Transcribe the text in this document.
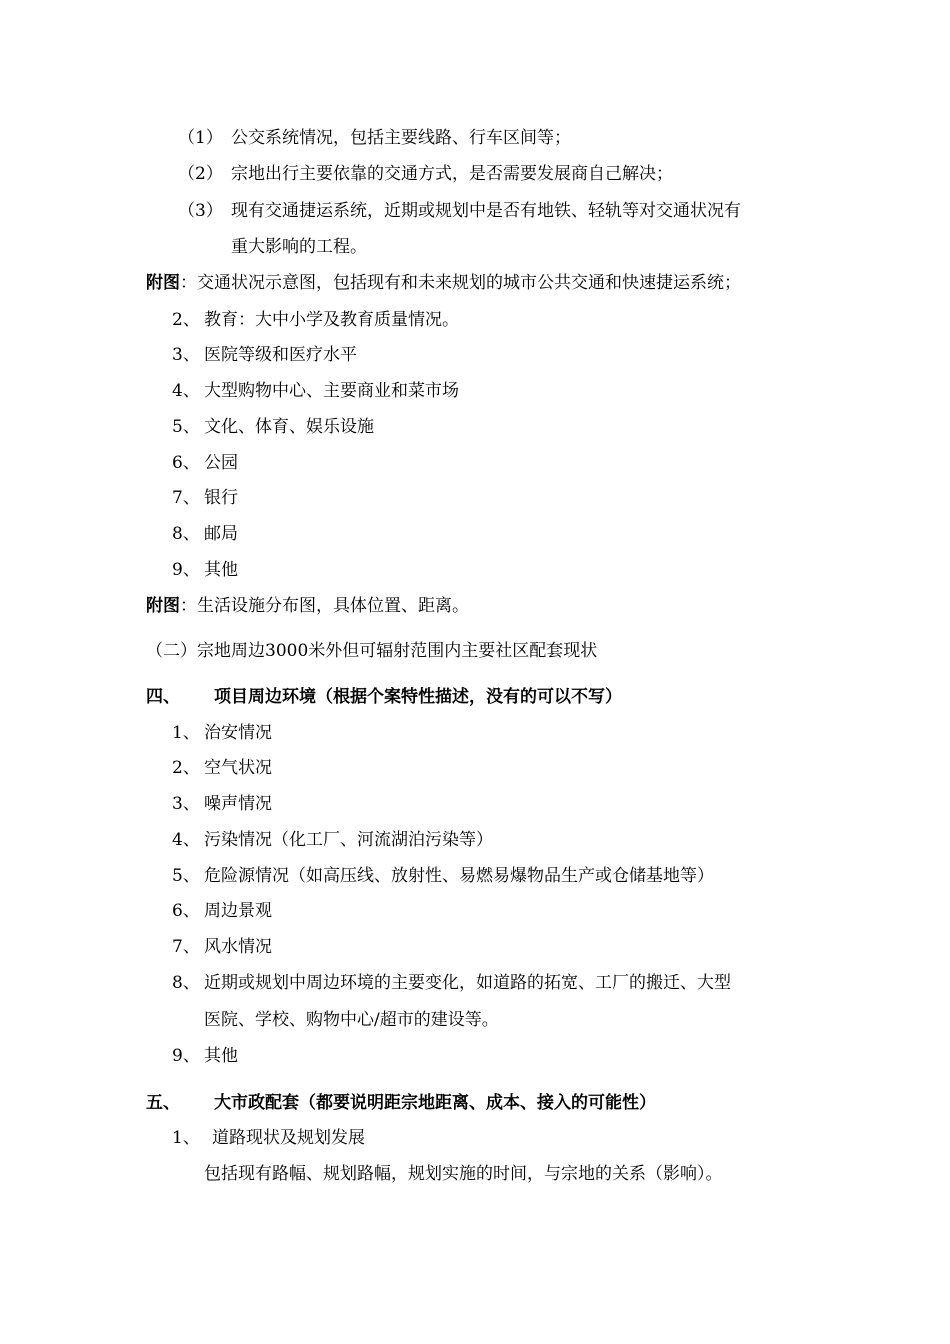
（1） 公交系统情况，包括主要线路、行车区间等；
（2） 宗地出行主要依靠的交通方式，是否需要发展商自己解决；
（3） 现有交通捷运系统，近期或规划中是否有地铁、轻轨等对交通状况有
重大影响的工程。
附图：交通状况示意图，包括现有和未来规划的城市公共交通和快速捷运系统；
2、 教育：大中小学及教育质量情况。
3、 医院等级和医疗水平
4、 大型购物中心、主要商业和菜市场
5、 文化、体育、娱乐设施
6、 公园
7、 银行
8、 邮局
9、 其他
附图：生活设施分布图，具体位置、距离。
（二）宗地周边3000米外但可辐射范围内主要社区配套现状
四、 项目周边环境（根据个案特性描述，没有的可以不写）
1、 治安情况
2、 空气状况
3、 噪声情况
4、 污染情况（化工厂、河流湖泊污染等）
5、 危险源情况（如高压线、放射性、易燃易爆物品生产或仓储基地等）
6、 周边景观
7、 风水情况
8、 近期或规划中周边环境的主要变化，如道路的拓宽、工厂的搬迁、大型
医院、学校、购物中心/超市的建设等。
9、 其他
五、 大市政配套（都要说明距宗地距离、成本、接入的可能性）
1、 道路现状及规划发展
包括现有路幅、规划路幅，规划实施的时间，与宗地的关系（影响）。
